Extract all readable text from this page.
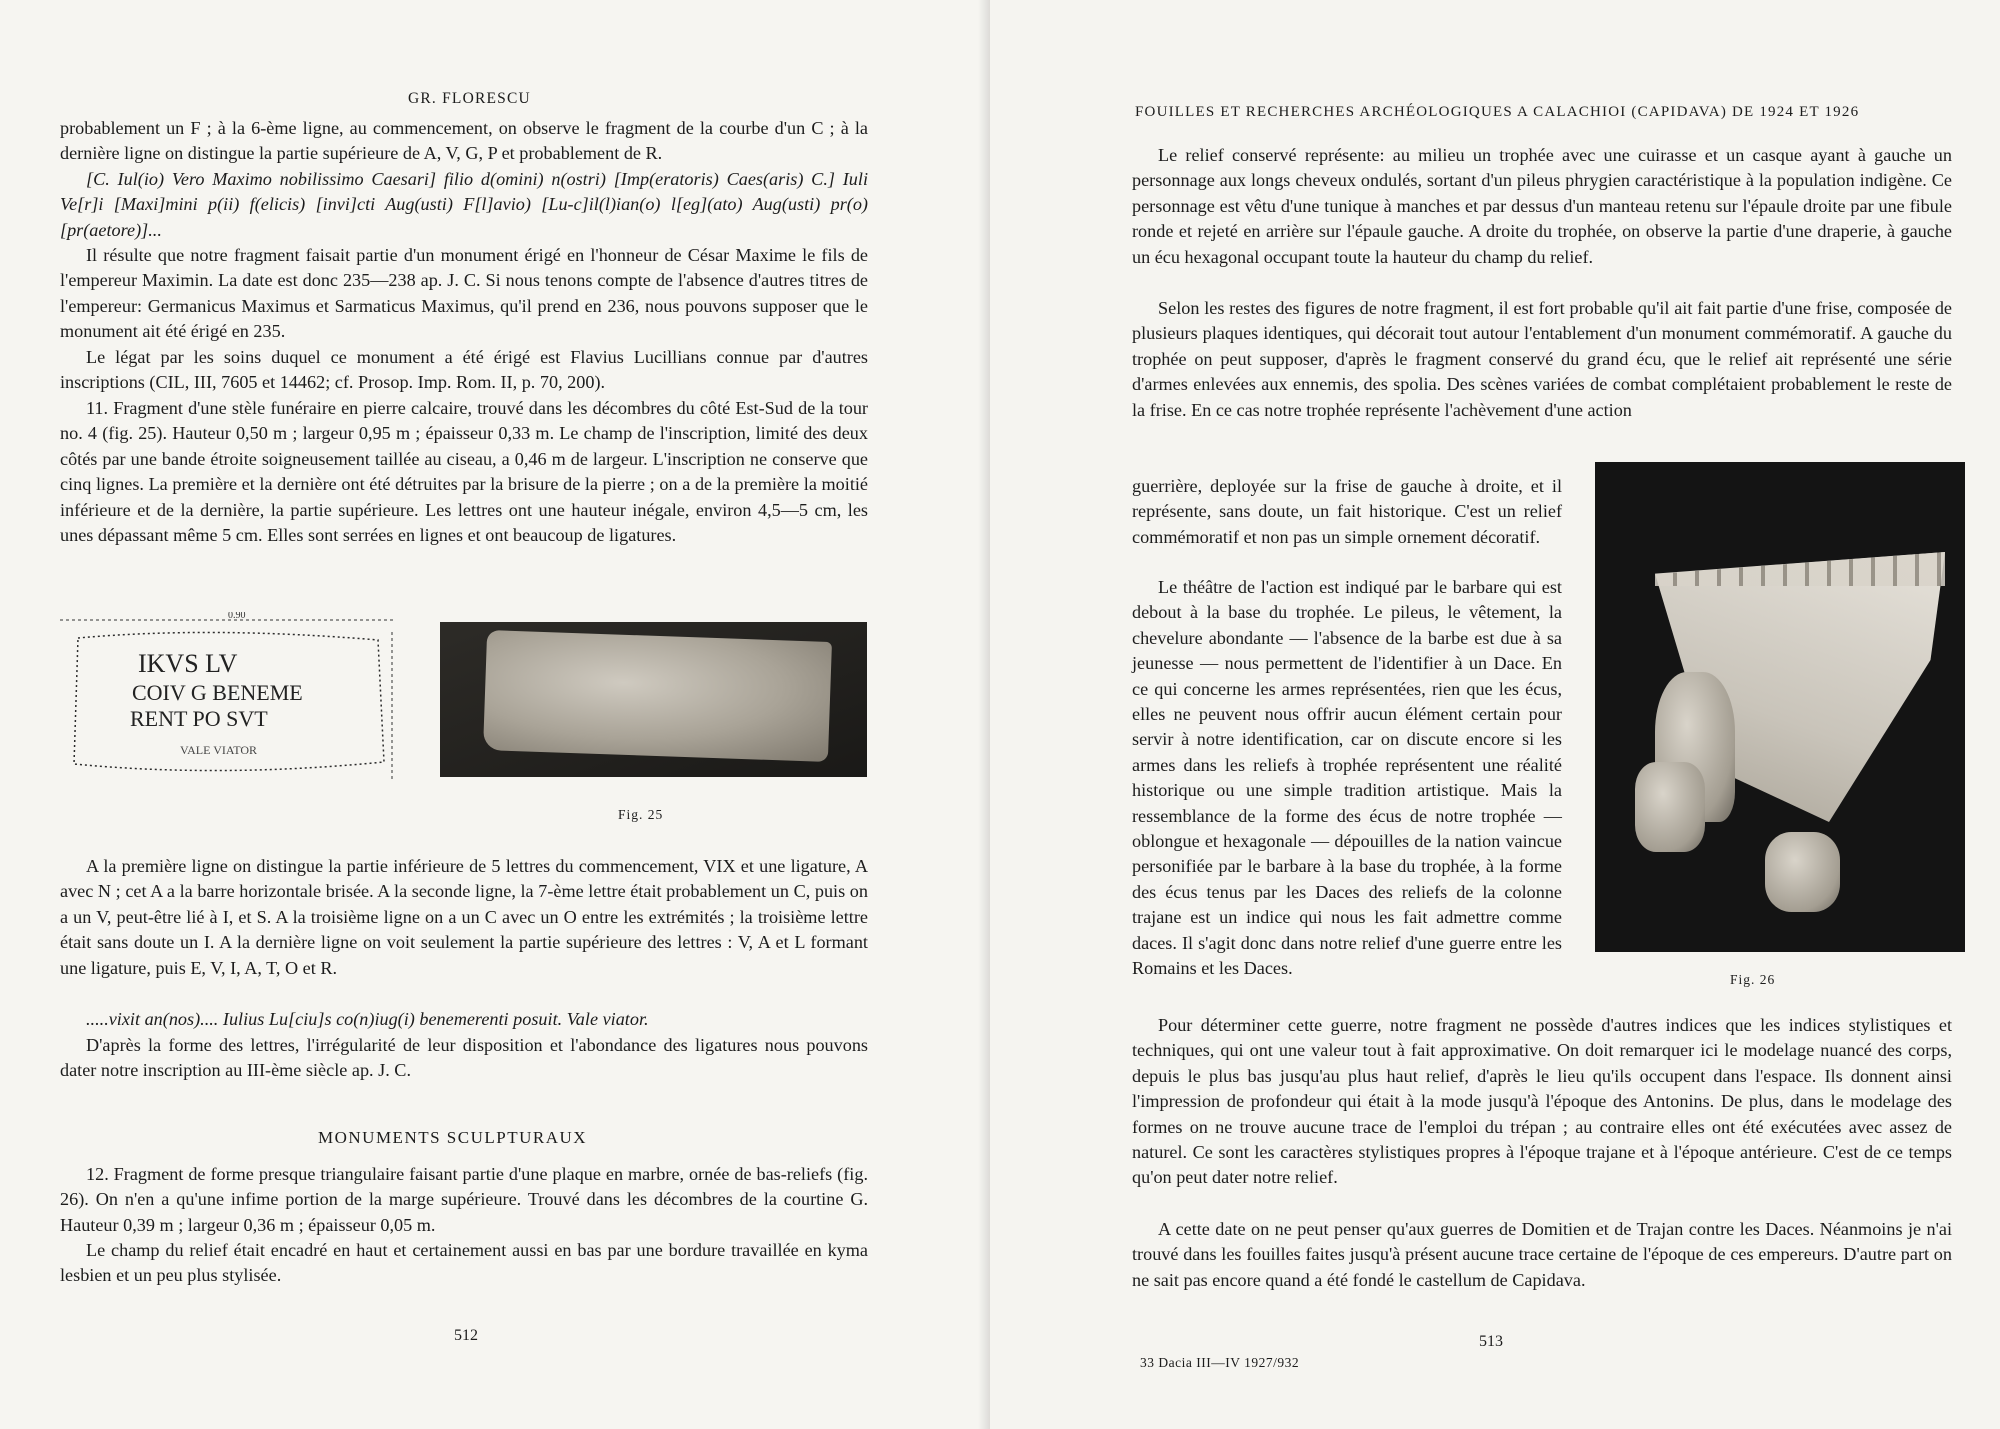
GR. FLORESCU

probablement un F ; à la 6-ème ligne, au commencement, on observe le fragment de la courbe d'un C ; à la dernière ligne on distingue la partie supérieure de A, V, G, P et probablement de R.

[C. Iul(io) Vero Maximo nobilissimo Caesari] filio d(omini) n(ostri) [Imp(eratoris) Caes(aris) C.] Iuli Ve[r]i [Maxi]mini p(ii) f(elicis) [invi]cti Aug(usti) F[l]avio) [Lu-c]il(l)ian(o) l[eg](ato) Aug(usti) pr(o) [pr(aetore)]...

Il résulte que notre fragment faisait partie d'un monument érigé en l'honneur de César Maxime le fils de l'empereur Maximin. La date est donc 235—238 ap. J. C. Si nous tenons compte de l'absence d'autres titres de l'empereur: Germanicus Maximus et Sarmaticus Maximus, qu'il prend en 236, nous pouvons supposer que le monument ait été érigé en 235.

Le légat par les soins duquel ce monument a été érigé est Flavius Lucillians connue par d'autres inscriptions (CIL, III, 7605 et 14462; cf. Prosop. Imp. Rom. II, p. 70, 200).

11. Fragment d'une stèle funéraire en pierre calcaire, trouvé dans les décombres du côté Est-Sud de la tour no. 4 (fig. 25). Hauteur 0,50 m ; largeur 0,95 m ; épaisseur 0,33 m. Le champ de l'inscription, limité des deux côtés par une bande étroite soigneusement taillée au ciseau, a 0,46 m de largeur. L'inscription ne conserve que cinq lignes. La première et la dernière ont été détruites par la brisure de la pierre ; on a de la première la moitié inférieure et de la dernière, la partie supérieure. Les lettres ont une hauteur inégale, environ 4,5—5 cm, les unes dépassant même 5 cm. Elles sont serrées en lignes et ont beaucoup de ligatures.

0.90
IKVS LV
COIV G BENEME
RENT PO SVT
VALE VIATOR
Fig. 25

A la première ligne on distingue la partie inférieure de 5 lettres du commencement, VIX et une ligature, A avec N ; cet A a la barre horizontale brisée. A la seconde ligne, la 7-ème lettre était probablement un C, puis on a un V, peut-être lié à I, et S. A la troisième ligne on a un C avec un O entre les extrémités ; la troisième lettre était sans doute un I. A la dernière ligne on voit seulement la partie supérieure des lettres : V, A et L formant une ligature, puis E, V, I, A, T, O et R.

.....vixit an(nos).... Iulius Lu[ciu]s co(n)iug(i) benemerenti posuit. Vale viator.

D'après la forme des lettres, l'irrégularité de leur disposition et l'abondance des ligatures nous pouvons dater notre inscription au III-ème siècle ap. J. C.

MONUMENTS SCULPTURAUX

12. Fragment de forme presque triangulaire faisant partie d'une plaque en marbre, ornée de bas-reliefs (fig. 26). On n'en a qu'une infime portion de la marge supérieure. Trouvé dans les décombres de la courtine G. Hauteur 0,39 m ; largeur 0,36 m ; épaisseur 0,05 m.

Le champ du relief était encadré en haut et certainement aussi en bas par une bordure travaillée en kyma lesbien et un peu plus stylisée.

512
FOUILLES ET RECHERCHES ARCHÉOLOGIQUES A CALACHIOI (CAPIDAVA) DE 1924 ET 1926

Le relief conservé représente: au milieu un trophée avec une cuirasse et un casque ayant à gauche un personnage aux longs cheveux ondulés, sortant d'un pileus phrygien caractéristique à la population indigène. Ce personnage est vêtu d'une tunique à manches et par dessus d'un manteau retenu sur l'épaule droite par une fibule ronde et rejeté en arrière sur l'épaule gauche. A droite du trophée, on observe la partie d'une draperie, à gauche un écu hexagonal occupant toute la hauteur du champ du relief.

Selon les restes des figures de notre fragment, il est fort probable qu'il ait fait partie d'une frise, composée de plusieurs plaques identiques, qui décorait tout autour l'entablement d'un monument commémoratif. A gauche du trophée on peut supposer, d'après le fragment conservé du grand écu, que le relief ait représenté une série d'armes enlevées aux ennemis, des spolia. Des scènes variées de combat complétaient probablement le reste de la frise. En ce cas notre trophée représente l'achèvement d'une action

guerrière, deployée sur la frise de gauche à droite, et il représente, sans doute, un fait historique. C'est un relief commémoratif et non pas un simple ornement décoratif.

Le théâtre de l'action est indiqué par le barbare qui est debout à la base du trophée. Le pileus, le vêtement, la chevelure abondante — l'absence de la barbe est due à sa jeunesse — nous permettent de l'identifier à un Dace. En ce qui concerne les armes représentées, rien que les écus, elles ne peuvent nous offrir aucun élément certain pour servir à notre identification, car on discute encore si les armes dans les reliefs à trophée représentent une réalité historique ou une simple tradition artistique. Mais la ressemblance de la forme des écus de notre trophée — oblongue et hexagonale — dépouilles de la nation vaincue personifiée par le barbare à la base du trophée, à la forme des écus tenus par les Daces des reliefs de la colonne trajane est un indice qui nous les fait admettre comme daces. Il s'agit donc dans notre relief d'une guerre entre les Romains et les Daces.

Fig. 26

Pour déterminer cette guerre, notre fragment ne possède d'autres indices que les indices stylistiques et techniques, qui ont une valeur tout à fait approximative. On doit remarquer ici le modelage nuancé des corps, depuis le plus bas jusqu'au plus haut relief, d'après le lieu qu'ils occupent dans l'espace. Ils donnent ainsi l'impression de profondeur qui était à la mode jusqu'à l'époque des Antonins. De plus, dans le modelage des formes on ne trouve aucune trace de l'emploi du trépan ; au contraire elles ont été exécutées avec assez de naturel. Ce sont les caractères stylistiques propres à l'époque trajane et à l'époque antérieure. C'est de ce temps qu'on peut dater notre relief.

A cette date on ne peut penser qu'aux guerres de Domitien et de Trajan contre les Daces. Néanmoins je n'ai trouvé dans les fouilles faites jusqu'à présent aucune trace certaine de l'époque de ces empereurs. D'autre part on ne sait pas encore quand a été fondé le castellum de Capidava.

513
33 Dacia III—IV 1927/932
